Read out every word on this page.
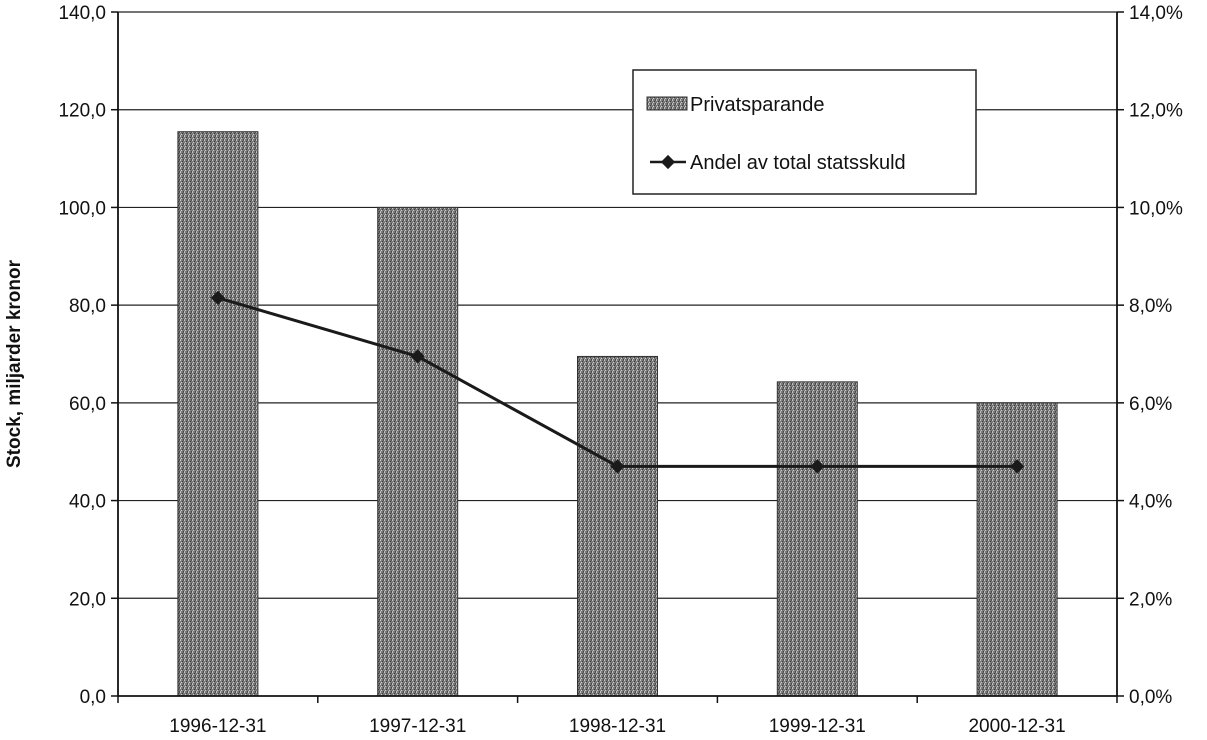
0,0
20,0
40,0
60,0
80,0
100,0
120,0
140,0
0,0%
2,0%
4,0%
6,0%
8,0%
10,0%
12,0%
14,0%
1996-12-31	1997-12-31	1998-12-31	1999-12-31	2000-12-31
Stock, miljarder kronor
Privatsparande
Andel av total statsskuld
